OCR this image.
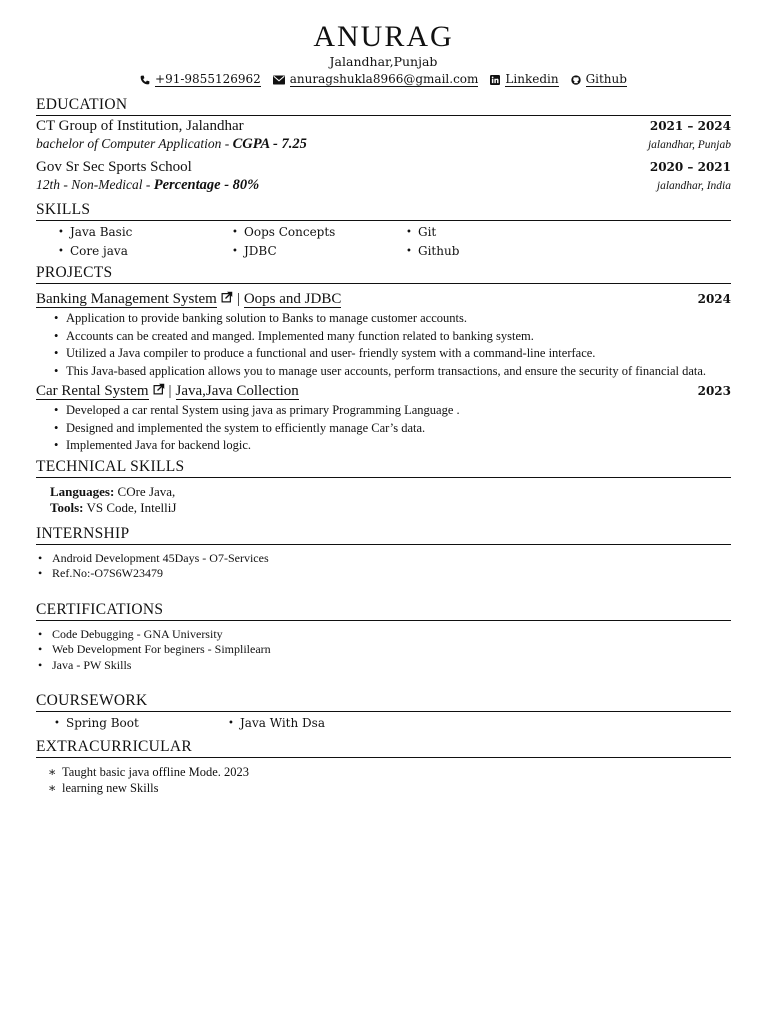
ANURAG
Jalandhar,Punjab
+91-9855126962 anuragshukla8966@gmail.com Linkedin Github
EDUCATION
CT Group of Institution, Jalandhar	2021 – 2024
bachelor of Computer Application - CGPA - 7.25	jalandhar, Punjab
Gov Sr Sec Sports School	2020 – 2021
12th - Non-Medical - Percentage - 80%	jalandhar, India
SKILLS
• Java Basic	• Oops Concepts	• Git
• Core java	• JDBC	• Github
PROJECTS
Banking Management System | Oops and JDBC	2024
• Application to provide banking solution to Banks to manage customer accounts.
• Accounts can be created and manged. Implemented many function related to banking system.
• Utilized a Java compiler to produce a functional and user- friendly system with a command-line interface.
• This Java-based application allows you to manage user accounts, perform transactions, and ensure the security of financial data.
Car Rental System | Java,Java Collection	2023
• Developed a car rental System using java as primary Programming Language .
• Designed and implemented the system to efficiently manage Car’s data.
• Implemented Java for backend logic.
TECHNICAL SKILLS
Languages: COre Java,
Tools: VS Code, IntelliJ
INTERNSHIP
• Android Development 45Days - O7-Services
• Ref.No:-O7S6W23479
CERTIFICATIONS
• Code Debugging - GNA University
• Web Development For beginers - Simplilearn
• Java - PW Skills
COURSEWORK
• Spring Boot	• Java With Dsa
EXTRACURRICULAR
∗ Taught basic java offline Mode. 2023
∗ learning new Skills
